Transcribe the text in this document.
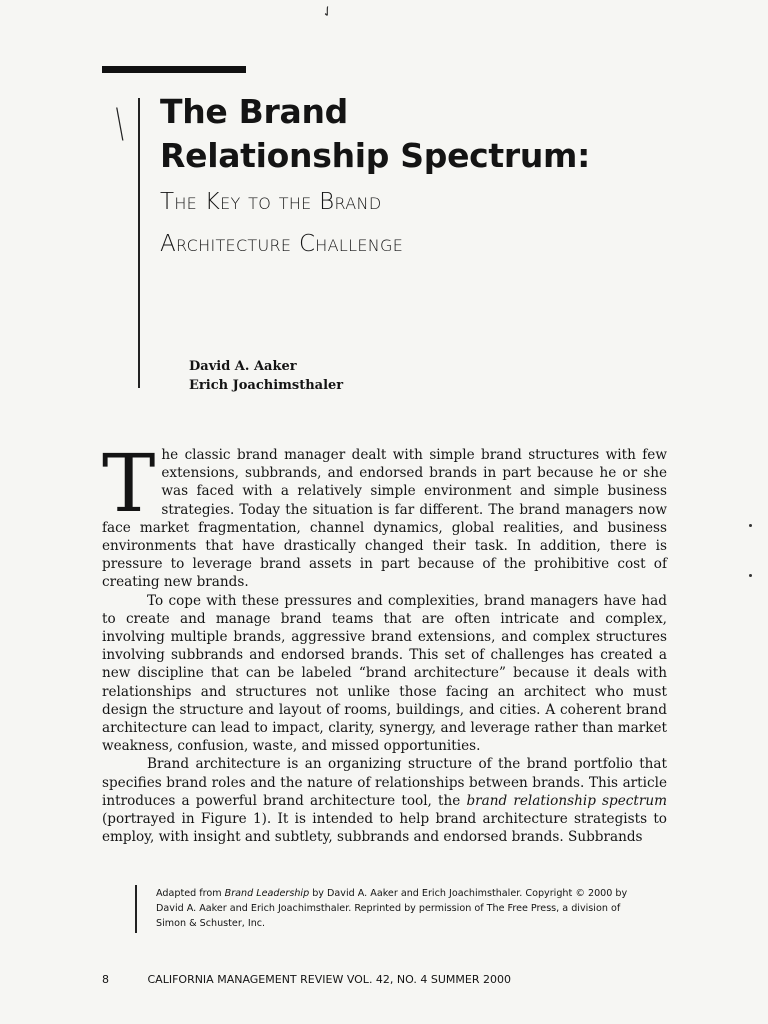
✓
\ The Brand
Relationship Spectrum:
The Key to the Brand
Architecture Challenge
David A. Aaker
Erich Joachimsthaler

The classic brand manager dealt with simple brand structures with few extensions, subbrands, and endorsed brands in part because he or she was faced with a relatively simple environment and simple business strategies. Today the situation is far different. The brand managers now face market fragmentation, channel dynamics, global realities, and business environments that have drastically changed their task. In addition, there is pressure to leverage brand assets in part because of the prohibitive cost of creating new brands.

To cope with these pressures and complexities, brand managers have had to create and manage brand teams that are often intricate and complex, involving multiple brands, aggressive brand extensions, and complex structures involving subbrands and endorsed brands. This set of challenges has created a new discipline that can be labeled “brand architecture” because it deals with relationships and structures not unlike those facing an architect who must design the structure and layout of rooms, buildings, and cities. A coherent brand architecture can lead to impact, clarity, synergy, and leverage rather than market weakness, confusion, waste, and missed opportunities.

Brand architecture is an organizing structure of the brand portfolio that specifies brand roles and the nature of relationships between brands. This article introduces a powerful brand architecture tool, the brand relationship spectrum (portrayed in Figure 1). It is intended to help brand architecture strategists to employ, with insight and subtlety, subbrands and endorsed brands. Subbrands

Adapted from Brand Leadership by David A. Aaker and Erich Joachimsthaler. Copyright © 2000 by David A. Aaker and Erich Joachimsthaler. Reprinted by permission of The Free Press, a division of Simon & Schuster, Inc.
8	CALIFORNIA MANAGEMENT REVIEW VOL. 42, NO. 4 SUMMER 2000
